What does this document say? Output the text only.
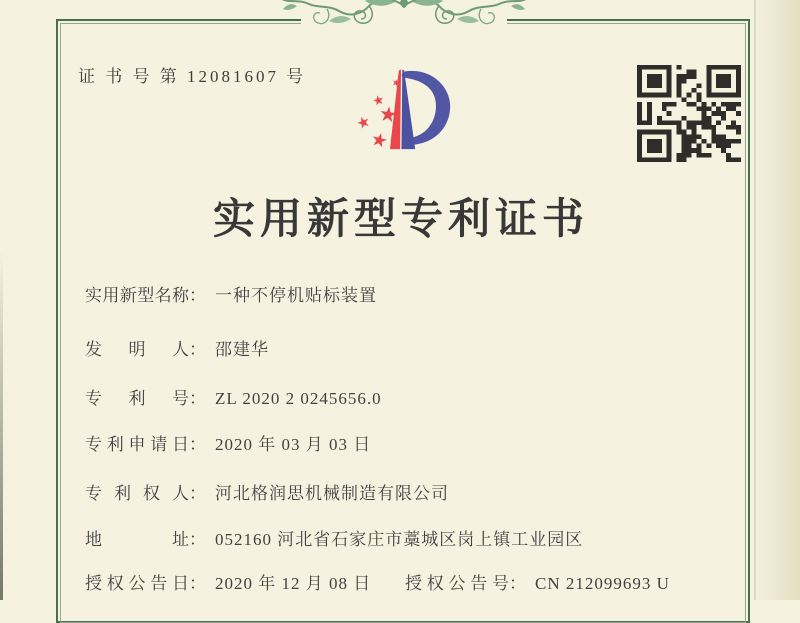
证 书 号 第 12081607 号
实用新型专利证书
实用新型名称： 一种不停机贴标装置
发明人： 邵建华
专利号： ZL 2020 2 0245656.0
专利申请日： 2020 年 03 月 03 日
专利权人： 河北格润思机械制造有限公司
地址： 052160 河北省石家庄市藁城区岗上镇工业园区
授权公告日： 2020 年 12 月 08 日 授权公告号： CN 212099693 U
